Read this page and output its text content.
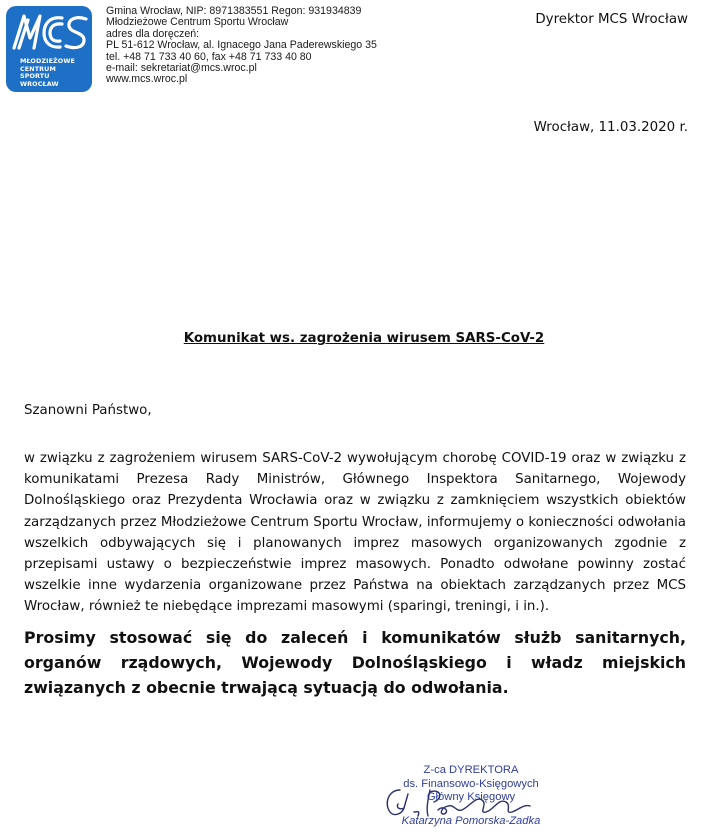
MŁODZIEŻOWE
CENTRUM
SPORTU
WROCŁAW
Gmina Wrocław, NIP: 8971383551 Regon: 931934839
Młodzieżowe Centrum Sportu Wrocław
adres dla doręczeń:
PL 51-612 Wrocław, al. Ignacego Jana Paderewskiego 35
tel. +48 71 733 40 60, fax +48 71 733 40 80
e-mail: sekretariat@mcs.wroc.pl
www.mcs.wroc.pl
Dyrektor MCS Wrocław
Wrocław, 11.03.2020 r.
Komunikat ws. zagrożenia wirusem SARS-CoV-2
Szanowni Państwo,

w związku z zagrożeniem wirusem SARS-CoV-2 wywołującym chorobę COVID-19 oraz w związku z komunikatami Prezesa Rady Ministrów, Głównego Inspektora Sanitarnego, Wojewody Dolnośląskiego oraz Prezydenta Wrocławia oraz w związku z zamknięciem wszystkich obiektów zarządzanych przez Młodzieżowe Centrum Sportu Wrocław, informujemy o konieczności odwołania wszelkich odbywających się i planowanych imprez masowych organizowanych zgodnie z przepisami ustawy o bezpieczeństwie imprez masowych. Ponadto odwołane powinny zostać wszelkie inne wydarzenia organizowane przez Państwa na obiektach zarządzanych przez MCS Wrocław, również te niebędące imprezami masowymi (sparingi, treningi, i in.).

Prosimy stosować się do zaleceń i komunikatów służb sanitarnych, organów rządowych, Wojewody Dolnośląskiego i władz miejskich związanych z obecnie trwającą sytuacją do odwołania.

Z-ca DYREKTORA
ds. Finansowo-Księgowych
Główny Księgowy
Katarzyna Pomorska-Zadka
